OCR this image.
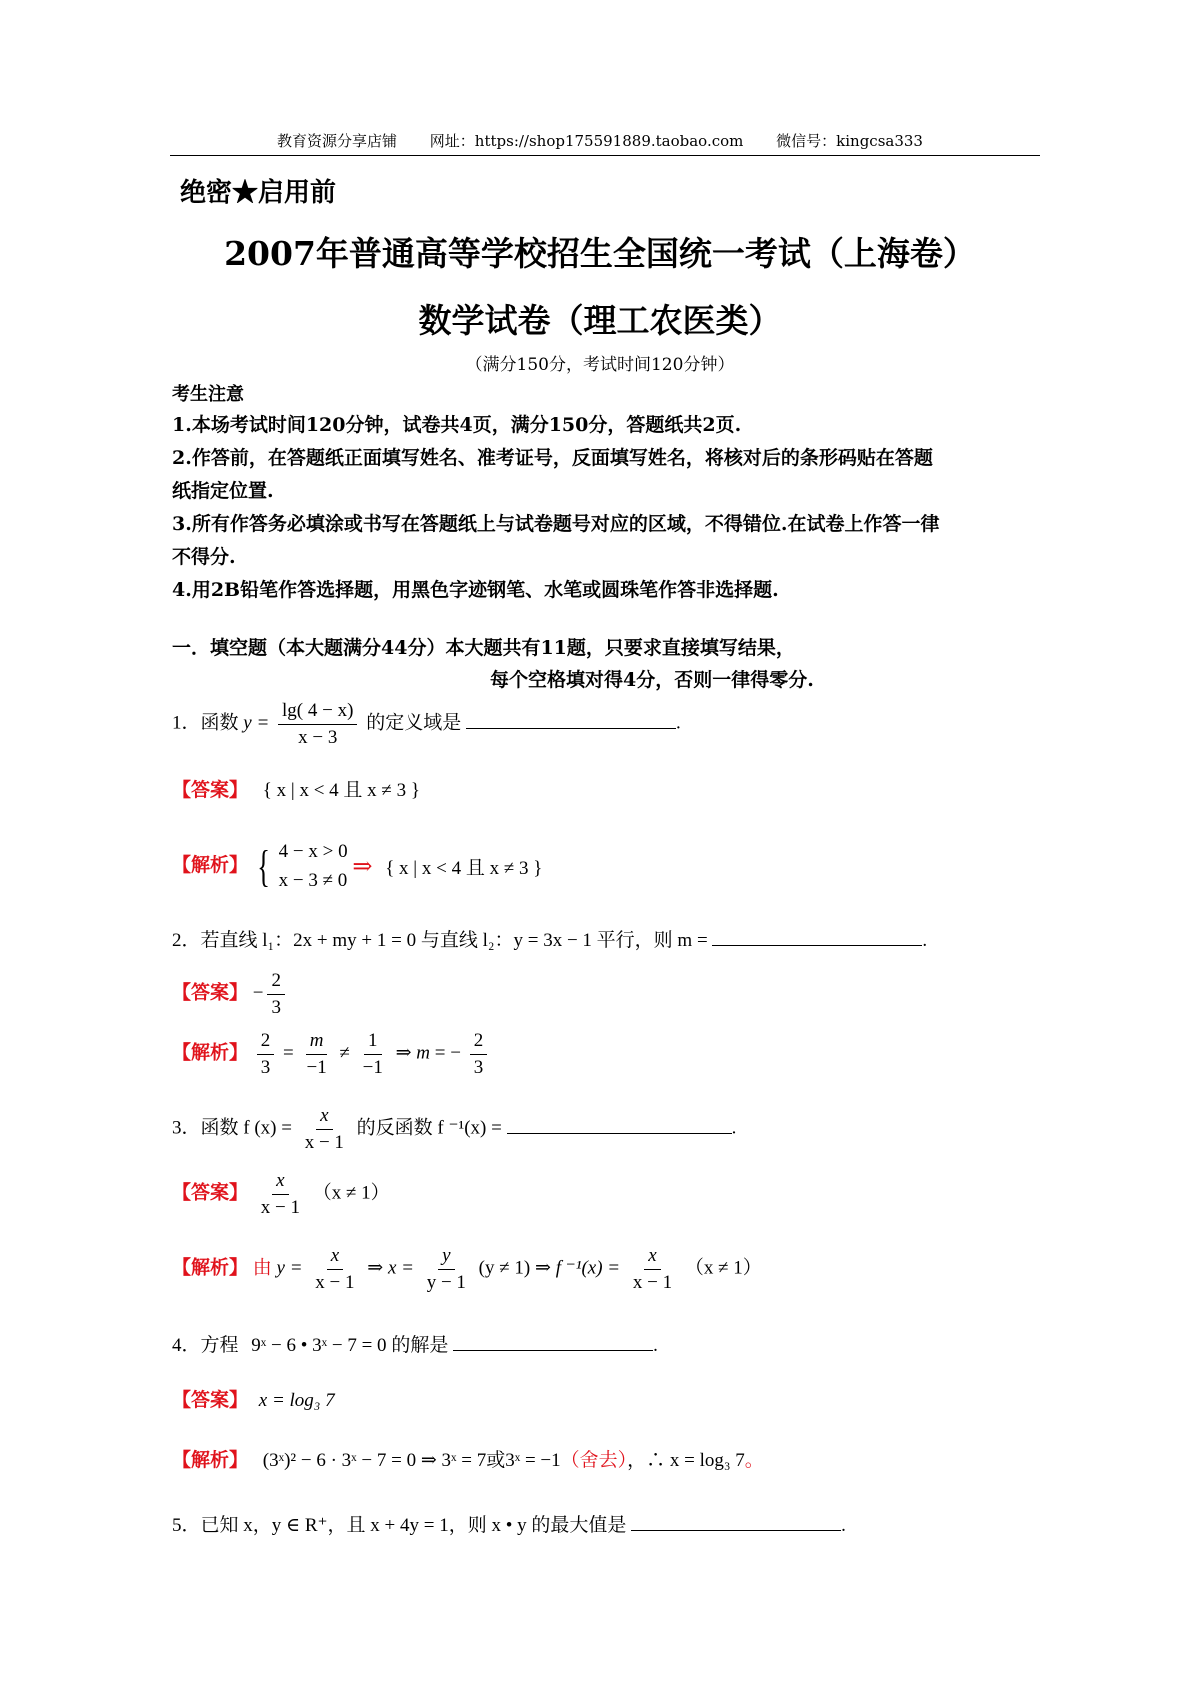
教育资源分享店铺 网址：https://shop175591889.taobao.com 微信号：kingcsa333
绝密★启用前
2007年普通高等学校招生全国统一考试（上海卷）
数学试卷（理工农医类）
（满分150分，考试时间120分钟）
考生注意
1.本场考试时间120分钟，试卷共4页，满分150分，答题纸共2页.
2.作答前，在答题纸正面填写姓名、准考证号，反面填写姓名，将核对后的条形码贴在答题
纸指定位置.
3.所有作答务必填涂或书写在答题纸上与试卷题号对应的区域，不得错位.在试卷上作答一律
不得分.
4.用2B铅笔作答选择题，用黑色字迹钢笔、水笔或圆珠笔作答非选择题.
一．填空题（本大题满分44分）本大题共有11题，只要求直接填写结果，
每个空格填对得4分，否则一律得零分.
1．函数 $y = \frac{\lg( 4 - x)}{x - 3}$ 的定义域是	.
【答案】 { x | x < 4 且 x ≠ 3 }
【解析】 { 4 − x > 0
x − 3 ≠ 0 ⇒ { x | x < 4 且 x ≠ 3 }
2．若直线 l₁：2x + my + 1 = 0 与直线 l₂：y = 3x − 1 平行，则 m =	.
【答案】 − $\frac{2}{3}$
【解析】 $\frac{2}{3} = \frac{m}{-1} \ne \frac{1}{-1}$ ⇒ m = − $\frac{2}{3}$
3．函数 f $(x) = \frac{x}{x - 1}$ 的反函数 f ⁻¹(x) =	.
【答案】 $\frac{x}{x - 1} (x \ne 1)$
【解析】 由 $y = \frac{x}{x - 1}$ ⇒ $x = \frac{y}{y - 1} (y \ne 1)$ ⇒ f $^{-1}(x) = \frac{x}{x - 1} (x \ne 1)$
4．方程 9ˣ − 6 • 3ˣ − 7 = 0 的解是	.
【答案】 x = log₃ 7
【解析】 (3ˣ)² − 6 · 3ˣ − 7 = 0 ⇒ 3ˣ = 7或3ˣ = −1（舍去），∴ x = log₃ 7。
5．已知 x，y ∈ R⁺，且 x + 4y = 1，则 x • y 的最大值是	.
